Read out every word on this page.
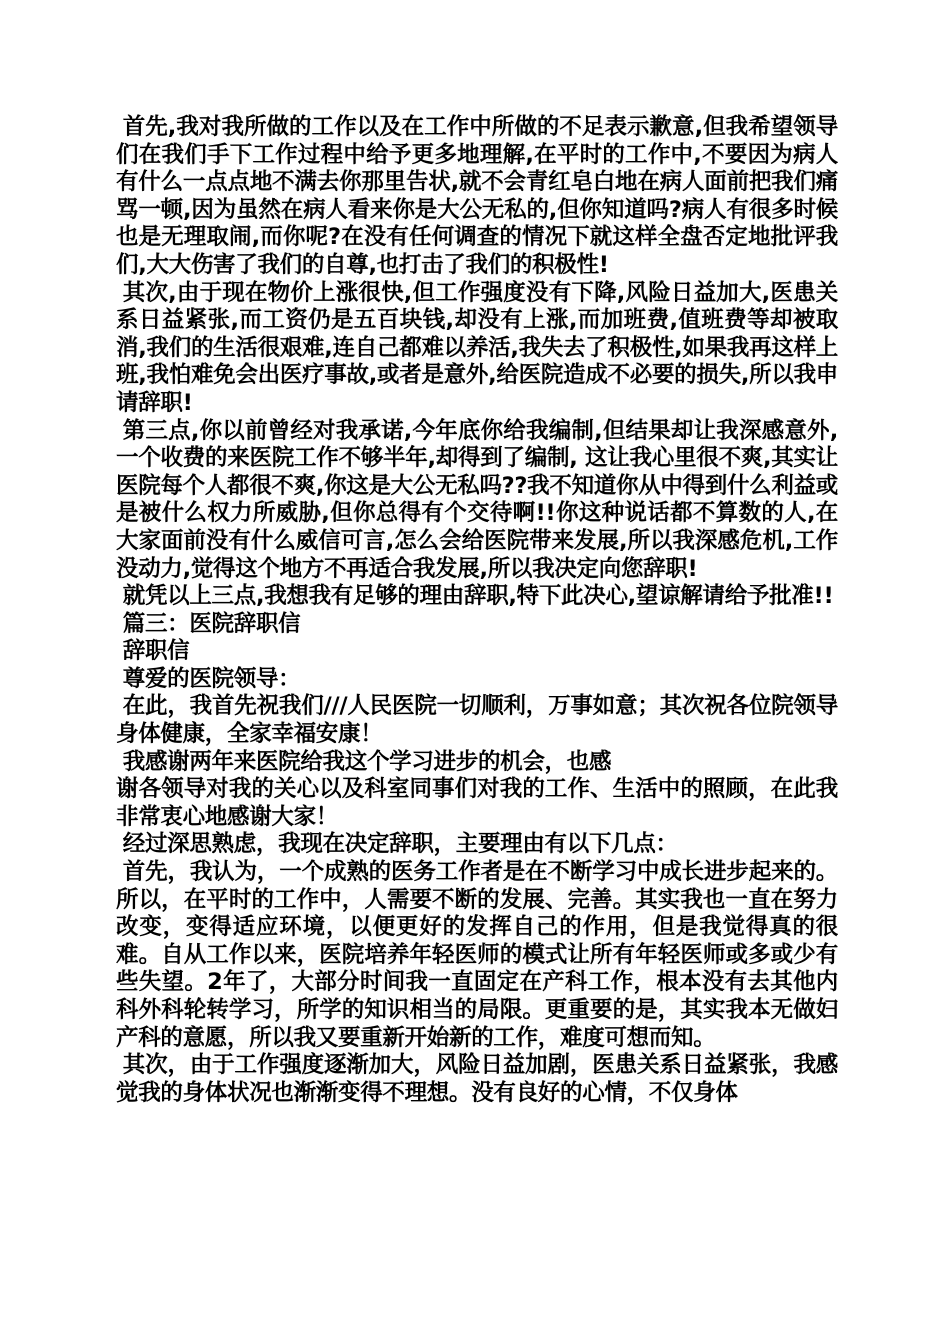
首先,我对我所做的工作以及在工作中所做的不足表示歉意,但我希望领导们在我们手下工作过程中给予更多地理解,在平时的工作中,不要因为病人有什么一点点地不满去你那里告状,就不会青红皂白地在病人面前把我们痛骂一顿,因为虽然在病人看来你是大公无私的,但你知道吗?病人有很多时候也是无理取闹,而你呢?在没有任何调查的情况下就这样全盘否定地批评我们,大大伤害了我们的自尊,也打击了我们的积极性!

其次,由于现在物价上涨很快,但工作强度没有下降,风险日益加大,医患关系日益紧张,而工资仍是五百块钱,却没有上涨,而加班费,值班费等却被取消,我们的生活很艰难,连自己都难以养活,我失去了积极性,如果我再这样上班,我怕难免会出医疗事故,或者是意外,给医院造成不必要的损失,所以我申请辞职!

第三点,你以前曾经对我承诺,今年底你给我编制,但结果却让我深感意外,一个收费的来医院工作不够半年,却得到了编制, 这让我心里很不爽,其实让医院每个人都很不爽,你这是大公无私吗??我不知道你从中得到什么利益或是被什么权力所威胁,但你总得有个交待啊!!你这种说话都不算数的人,在大家面前没有什么威信可言,怎么会给医院带来发展,所以我深感危机,工作没动力,觉得这个地方不再适合我发展,所以我决定向您辞职!

就凭以上三点,我想我有足够的理由辞职,特下此决心,望谅解请给予批准!!

篇三：医院辞职信

辞职信

尊爱的医院领导：

在此，我首先祝我们///人民医院一切顺利，万事如意；其次祝各位院领导身体健康，全家幸福安康！

我感谢两年来医院给我这个学习进步的机会，也感

谢各领导对我的关心以及科室同事们对我的工作、生活中的照顾，在此我非常衷心地感谢大家！

经过深思熟虑，我现在决定辞职，主要理由有以下几点：

首先，我认为，一个成熟的医务工作者是在不断学习中成长进步起来的。所以，在平时的工作中，人需要不断的发展、完善。其实我也一直在努力改变，变得适应环境，以便更好的发挥自己的作用，但是我觉得真的很难。自从工作以来，医院培养年轻医师的模式让所有年轻医师或多或少有些失望。2年了，大部分时间我一直固定在产科工作，根本没有去其他内科外科轮转学习，所学的知识相当的局限。更重要的是，其实我本无做妇产科的意愿，所以我又要重新开始新的工作，难度可想而知。

其次，由于工作强度逐渐加大，风险日益加剧，医患关系日益紧张，我感觉我的身体状况也渐渐变得不理想。没有良好的心情，不仅身体
